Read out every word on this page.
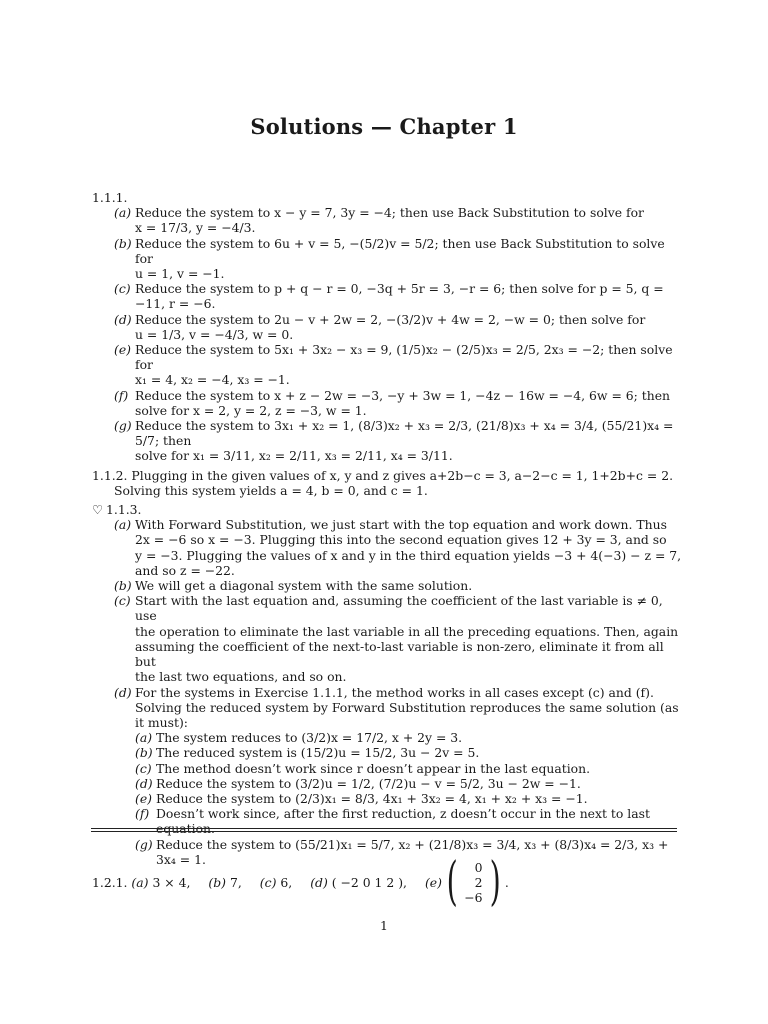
Solutions — Chapter 1
1.1.1.
(a) Reduce the system to x − y = 7, 3y = −4; then use Back Substitution to solve for
x = 17/3, y = −4/3.
(b) Reduce the system to 6u + v = 5, −(5/2)v = 5/2; then use Back Substitution to solve for
u = 1, v = −1.
(c) Reduce the system to p + q − r = 0, −3q + 5r = 3, −r = 6; then solve for p = 5, q =
−11, r = −6.
(d) Reduce the system to 2u − v + 2w = 2, −(3/2)v + 4w = 2, −w = 0; then solve for
u = 1/3, v = −4/3, w = 0.
(e) Reduce the system to 5x₁ + 3x₂ − x₃ = 9, (1/5)x₂ − (2/5)x₃ = 2/5, 2x₃ = −2; then solve for
x₁ = 4, x₂ = −4, x₃ = −1.
(f) Reduce the system to x + z − 2w = −3, −y + 3w = 1, −4z − 16w = −4, 6w = 6; then
solve for x = 2, y = 2, z = −3, w = 1.
(g) Reduce the system to 3x₁ + x₂ = 1, (8/3)x₂ + x₃ = 2/3, (21/8)x₃ + x₄ = 3/4, (55/21)x₄ = 5/7; then
solve for x₁ = 3/11, x₂ = 2/11, x₃ = 2/11, x₄ = 3/11.
1.1.2. Plugging in the given values of x, y and z gives a+2b−c = 3, a−2−c = 1, 1+2b+c = 2.
Solving this system yields a = 4, b = 0, and c = 1.
♡ 1.1.3.
(a) With Forward Substitution, we just start with the top equation and work down. Thus
2x = −6 so x = −3. Plugging this into the second equation gives 12 + 3y = 3, and so
y = −3. Plugging the values of x and y in the third equation yields −3 + 4(−3) − z = 7,
and so z = −22.
(b) We will get a diagonal system with the same solution.
(c) Start with the last equation and, assuming the coefficient of the last variable is ≠ 0, use
the operation to eliminate the last variable in all the preceding equations. Then, again
assuming the coefficient of the next-to-last variable is non-zero, eliminate it from all but
the last two equations, and so on.
(d) For the systems in Exercise 1.1.1, the method works in all cases except (c) and (f).
Solving the reduced system by Forward Substitution reproduces the same solution (as
it must):
(a) The system reduces to (3/2)x = 17/2, x + 2y = 3.
(b) The reduced system is (15/2)u = 15/2, 3u − 2v = 5.
(c) The method doesn’t work since r doesn’t appear in the last equation.
(d) Reduce the system to (3/2)u = 1/2, (7/2)u − v = 5/2, 3u − 2w = −1.
(e) Reduce the system to (2/3)x₁ = 8/3, 4x₁ + 3x₂ = 4, x₁ + x₂ + x₃ = −1.
(f) Doesn’t work since, after the first reduction, z doesn’t occur in the next to last
equation.
(g) Reduce the system to (55/21)x₁ = 5/7, x₂ + (21/8)x₃ = 3/4, x₃ + (8/3)x₄ = 2/3, x₃ + 3x₄ = 1.
1.2.1. (a) 3 × 4, (b) 7, (c) 6, (d) ( −2 0 1 2 ), (e) ( 0
2
−6 ) .
1
